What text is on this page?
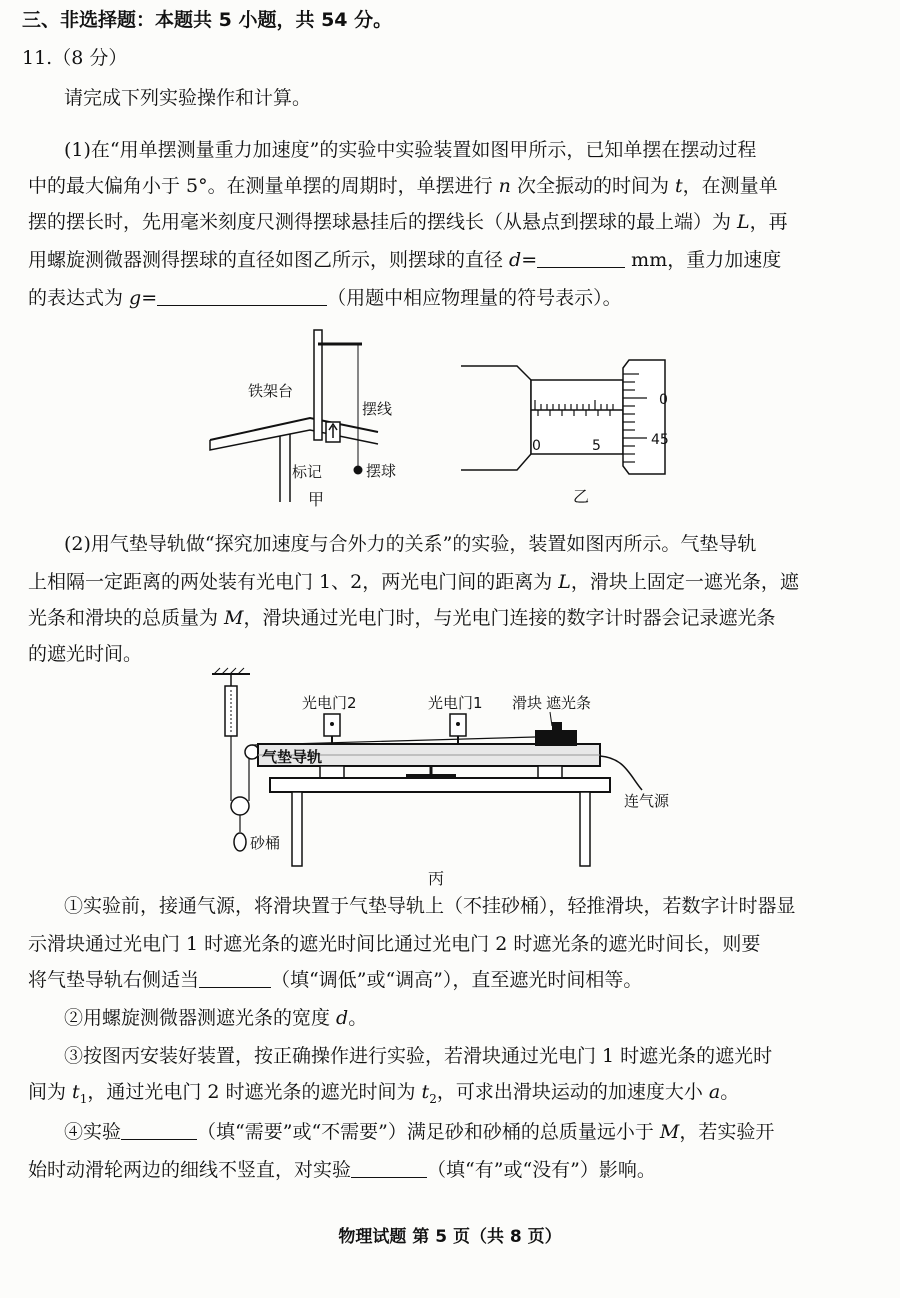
三、非选择题：本题共 5 小题，共 54 分。
11.（8 分）
请完成下列实验操作和计算。
(1)在“用单摆测量重力加速度”的实验中实验装置如图甲所示，已知单摆在摆动过程
中的最大偏角小于 5°。在测量单摆的周期时，单摆进行 n 次全振动的时间为 t，在测量单
摆的摆长时，先用毫米刻度尺测得摆球悬挂后的摆线长（从悬点到摆球的最上端）为 L，再
用螺旋测微器测得摆球的直径如图乙所示，则摆球的直径 d=	mm，重力加速度
的表达式为 g=	（用题中相应物理量的符号表示）。
铁架台
摆线
标记	摆球
甲
0	5
0
45
乙
(2)用气垫导轨做“探究加速度与合外力的关系”的实验，装置如图丙所示。气垫导轨
上相隔一定距离的两处装有光电门 1、2，两光电门间的距离为 L，滑块上固定一遮光条，遮
光条和滑块的总质量为 M，滑块通过光电门时，与光电门连接的数字计时器会记录遮光条
的遮光时间。
砂桶
气垫导轨
滑块 遮光条
光电门2	光电门1
连气源
丙
①实验前，接通气源，将滑块置于气垫导轨上（不挂砂桶），轻推滑块，若数字计时器显
示滑块通过光电门 1 时遮光条的遮光时间比通过光电门 2 时遮光条的遮光时间长，则要
将气垫导轨右侧适当	（填“调低”或“调高”），直至遮光时间相等。
②用螺旋测微器测遮光条的宽度 d。
③按图丙安装好装置，按正确操作进行实验，若滑块通过光电门 1 时遮光条的遮光时
间为 $t_1$，通过光电门 2 时遮光条的遮光时间为 $t_2$，可求出滑块运动的加速度大小 a。
④实验	（填“需要”或“不需要”）满足砂和砂桶的总质量远小于 M，若实验开
始时动滑轮两边的细线不竖直，对实验	（填“有”或“没有”）影响。
物理试题 第 5 页（共 8 页）
